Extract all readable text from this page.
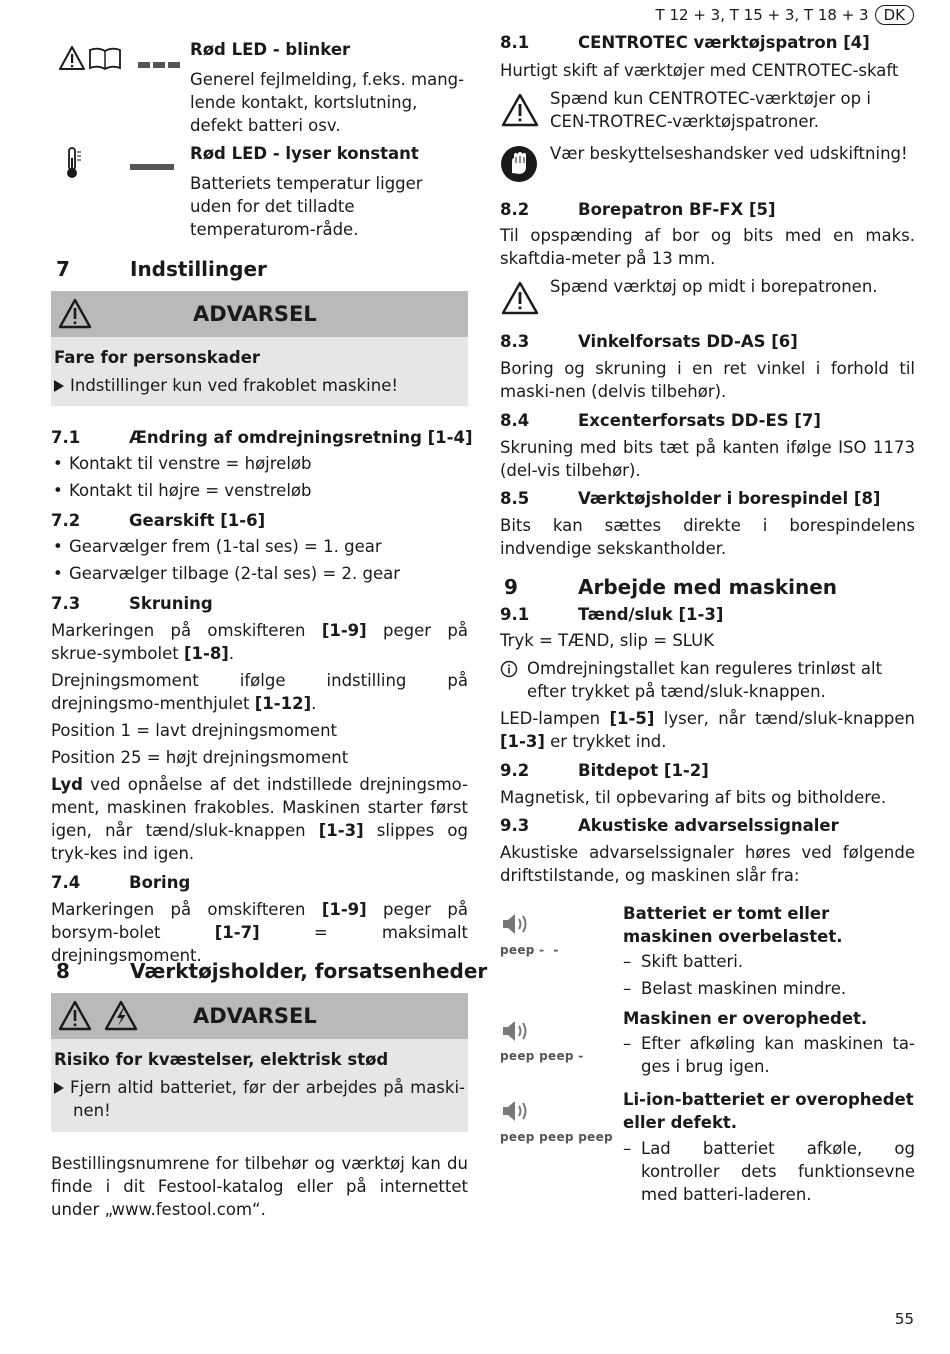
T 12 + 3, T 15 + 3, T 18 + 3 DK
Rød LED - blinker

Generel fejlmelding, f.eks. mang-lende kontakt, kortslutning, defekt batteri osv.

Rød LED - lyser konstant

Batteriets temperatur ligger uden for det tilladte temperaturom-råde.

7	Indstillinger
ADVARSEL
Fare for personskader
Indstillinger kun ved frakoblet maskine!
7.1	Ændring af omdrejningsretning [1-4]
• Kontakt til venstre = højreløb
• Kontakt til højre = venstreløb
7.2	Gearskift [1-6]
• Gearvælger frem (1-tal ses) = 1. gear
• Gearvælger tilbage (2-tal ses) = 2. gear
7.3	Skruning

Markeringen på omskifteren [1-9] peger på skrue-symbolet [1-8].

Drejningsmoment ifølge indstilling på drejningsmo-menthjulet [1-12].

Position 1 = lavt drejningsmoment

Position 25 = højt drejningsmoment

Lyd ved opnåelse af det indstillede drejningsmo-ment, maskinen frakobles. Maskinen starter først igen, når tænd/sluk-knappen [1-3] slippes og tryk-kes ind igen.

7.4	Boring

Markeringen på omskifteren [1-9] peger på borsym-bolet [1-7] = maksimalt drejningsmoment.

8	Værktøjsholder, forsatsenheder
ADVARSEL
Risiko for kvæstelser, elektrisk stød
Fjern altid batteriet, før der arbejdes på maski-nen!

Bestillingsnumrene for tilbehør og værktøj kan du finde i dit Festool-katalog eller på internettet under „www.festool.com“.

8.1	CENTROTEC værktøjspatron [4]

Hurtigt skift af værktøjer med CENTROTEC-skaft

Spænd kun CENTROTEC-værktøjer op i CEN-TROTREC-værktøjspatroner.

Vær beskyttelseshandsker ved udskiftning!

8.2	Borepatron BF-FX [5]

Til opspænding af bor og bits med en maks. skaftdia-meter på 13 mm.

Spænd værktøj op midt i borepatronen.

8.3	Vinkelforsats DD-AS [6]

Boring og skruning i en ret vinkel i forhold til maski-nen (delvis tilbehør).

8.4	Excenterforsats DD-ES [7]

Skruning med bits tæt på kanten ifølge ISO 1173 (del-vis tilbehør).

8.5	Værktøjsholder i borespindel [8]

Bits kan sættes direkte i borespindelens indvendige sekskantholder.

9	Arbejde med maskinen
9.1	Tænd/sluk [1-3]

Tryk = TÆND, slip = SLUK

Omdrejningstallet kan reguleres trinløst alt efter trykket på tænd/sluk-knappen.

LED-lampen [1-5] lyser, når tænd/sluk-knappen [1-3] er trykket ind.

9.2	Bitdepot [1-2]

Magnetisk, til opbevaring af bits og bitholdere.

9.3	Akustiske advarselssignaler

Akustiske advarselssignaler høres ved følgende driftstilstande, og maskinen slår fra:

peep -  -
Batteriet er tomt eller maskinen overbelastet.
– Skift batteri.
– Belast maskinen mindre.
peep peep -
Maskinen er overophedet.
– Efter afkøling kan maskinen ta-ges i brug igen.
peep peep peep
Li-ion-batteriet er overophedet eller defekt.
– Lad batteriet afkøle, og kontroller dets funktionsevne med batteri-laderen.
55
